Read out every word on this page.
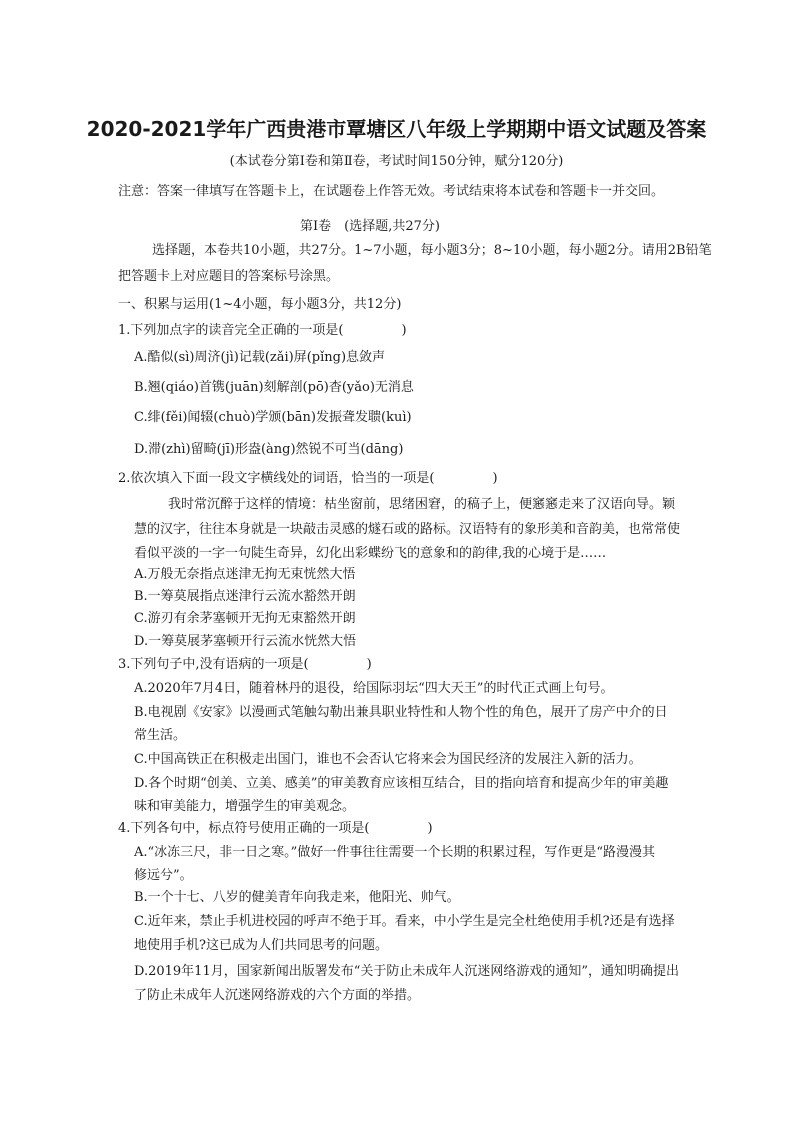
2020-2021学年广西贵港市覃塘区八年级上学期期中语文试题及答案
(本试卷分第Ⅰ卷和第Ⅱ卷，考试时间150分钟，赋分120分)
注意：答案一律填写在答题卡上，在试题卷上作答无效。考试结束将本试卷和答题卡一并交回。
第Ⅰ卷　(选择题,共27分)
选择题，本卷共10小题，共27分。1~7小题，每小题3分；8~10小题，每小题2分。请用2B铅笔
把答题卡上对应题目的答案标号涂黑。
一、积累与运用(1~4小题，每小题3分，共12分)
1.下列加点字的读音完全正确的一项是(	)
A.酷似(sì)周济(jì)记载(zǎi)屏(pǐng)息敛声
B.翘(qiáo)首镌(juān)刻解剖(pō)杳(yǎo)无消息
C.绯(fěi)闻辍(chuò)学颁(bān)发振聋发聩(kuì)
D.滞(zhì)留畸(jī)形盎(àng)然锐不可当(dāng)
2.依次填入下面一段文字横线处的词语，恰当的一项是(	)
我时常沉醉于这样的情境：枯坐窗前，思绪困窘，的稿子上，便窸窸走来了汉语向导。颖
慧的汉字，往往本身就是一块敲击灵感的燧石或的路标。汉语特有的象形美和音韵美，也常常使
看似平淡的一字一句陡生奇异，幻化出彩蝶纷飞的意象和的韵律,我的心境于是……
A.万般无奈指点迷津无拘无束恍然大悟
B.一筹莫展指点迷津行云流水豁然开朗
C.游刃有余茅塞顿开无拘无束豁然开朗
D.一筹莫展茅塞顿开行云流水恍然大悟
3.下列句子中,没有语病的一项是(	)
A.2020年7月4日，随着林丹的退役，给国际羽坛“四大天王”的时代正式画上句号。
B.电视剧《安家》以漫画式笔触勾勒出兼具职业特性和人物个性的角色，展开了房产中介的日
常生活。
C.中国高铁正在积极走出国门，谁也不会否认它将来会为国民经济的发展注入新的活力。
D.各个时期“创美、立美、感美”的审美教育应该相互结合，目的指向培育和提高少年的审美趣
味和审美能力，增强学生的审美观念。
4.下列各句中，标点符号使用正确的一项是(	)
A.“冰冻三尺，非一日之寒。”做好一件事往往需要一个长期的积累过程，写作更是“路漫漫其
修远兮”。
B.一个十七、八岁的健美青年向我走来，他阳光、帅气。
C.近年来，禁止手机进校园的呼声不绝于耳。看来，中小学生是完全杜绝使用手机?还是有选择
地使用手机?这已成为人们共同思考的问题。
D.2019年11月，国家新闻出版署发布“关于防止未成年人沉迷网络游戏的通知”，通知明确提出
了防止未成年人沉迷网络游戏的六个方面的举措。
